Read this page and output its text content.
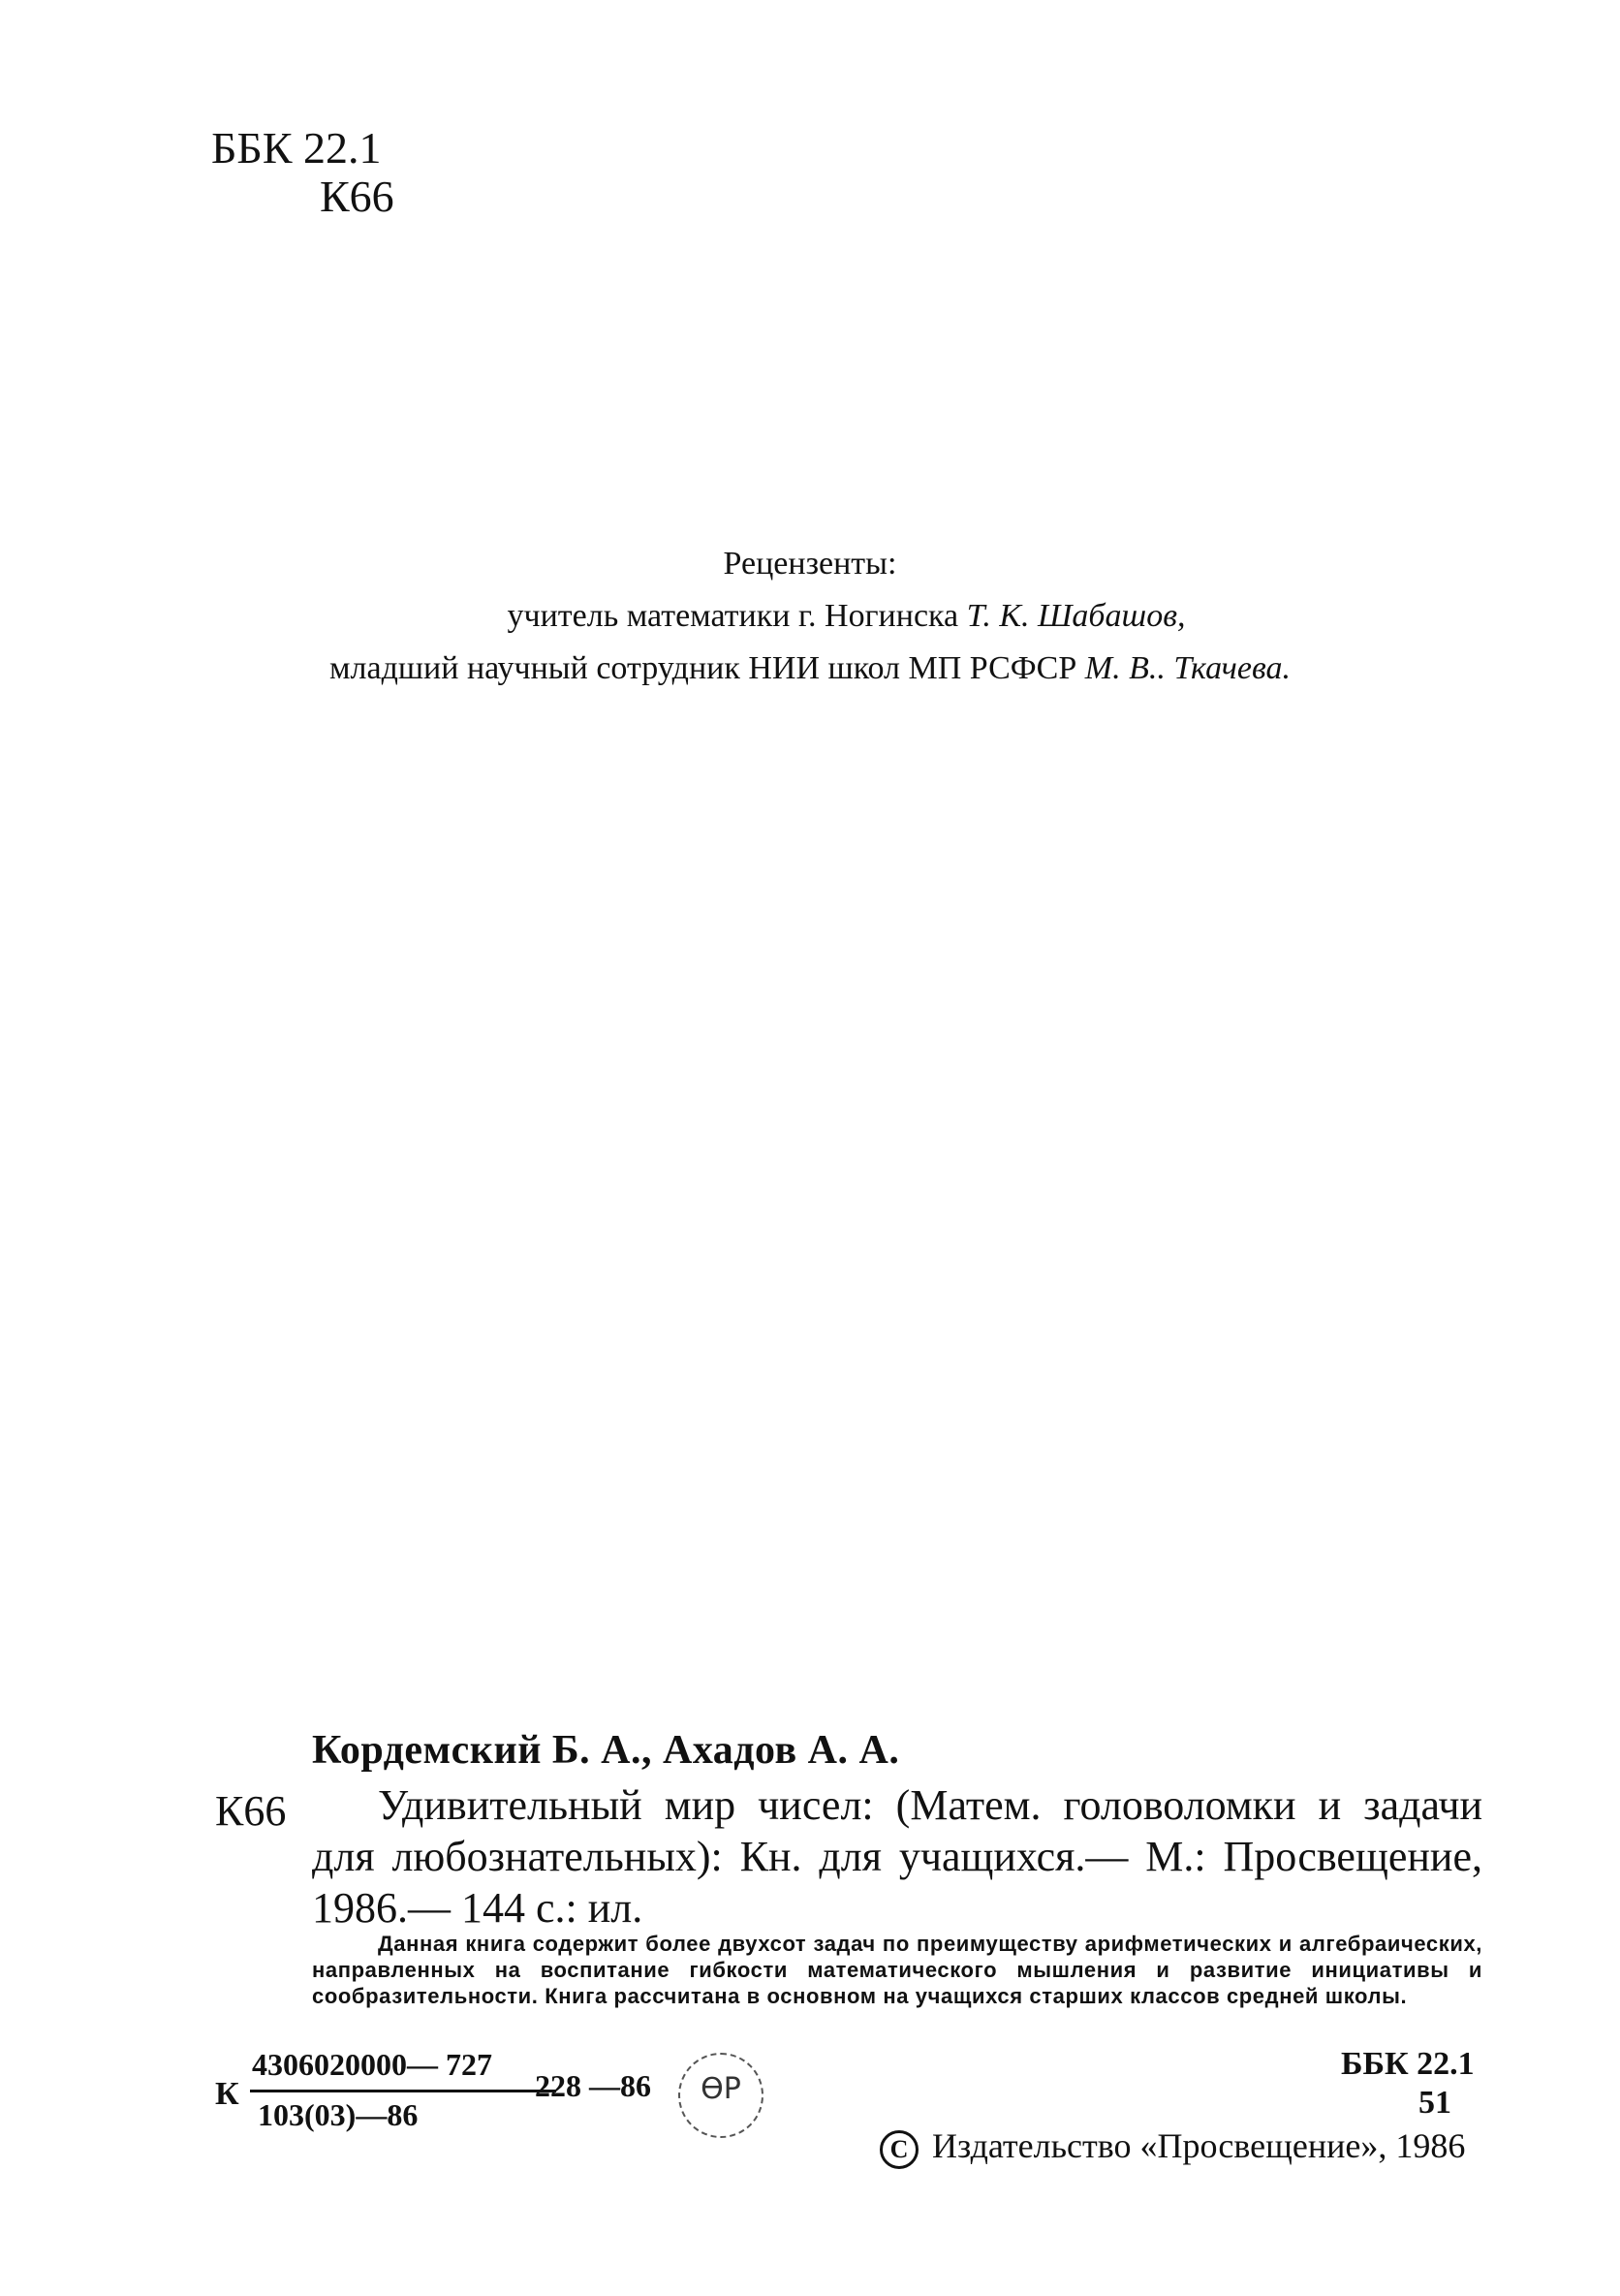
ББК 22.1
К66
Рецензенты:
учитель математики г. Ногинска Т. К. Шабашов,
младший научный сотрудник НИИ школ МП РСФСР М. В.. Ткачева.
Кордемский Б. А., Ахадов А. А.
К66	Удивительный мир чисел: (Матем. головоломки и задачи для любознательных): Кн. для учащихся.— М.: Просвещение, 1986.— 144 с.: ил.
Данная книга содержит более двухсот задач по преимуществу арифметических и алгебраических, направленных на воспитание гибкости математического мышления и развитие инициативы и сообразительности. Книга рассчитана в основном на учащихся старших классов средней школы.
К
4306020000— 727
103(03)—86
228 —86	ӨР
ББК 22.1
51
C Издательство «Просвещение», 1986
